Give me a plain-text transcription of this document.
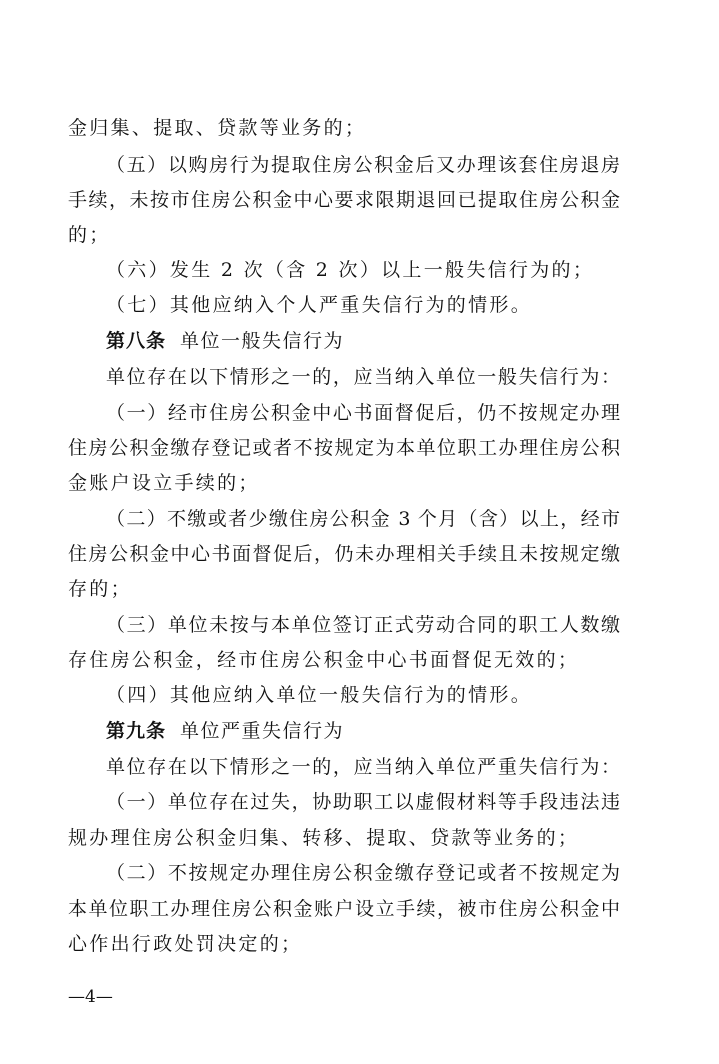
金归集、提取、贷款等业务的；
（五）以购房行为提取住房公积金后又办理该套住房退房
手续，未按市住房公积金中心要求限期退回已提取住房公积金
的；
（六）发生 2 次（含 2 次）以上一般失信行为的；
（七）其他应纳入个人严重失信行为的情形。
第八条 单位一般失信行为
单位存在以下情形之一的，应当纳入单位一般失信行为：
（一）经市住房公积金中心书面督促后，仍不按规定办理
住房公积金缴存登记或者不按规定为本单位职工办理住房公积
金账户设立手续的；
（二）不缴或者少缴住房公积金 3 个月（含）以上，经市
住房公积金中心书面督促后，仍未办理相关手续且未按规定缴
存的；
（三）单位未按与本单位签订正式劳动合同的职工人数缴
存住房公积金，经市住房公积金中心书面督促无效的；
（四）其他应纳入单位一般失信行为的情形。
第九条 单位严重失信行为
单位存在以下情形之一的，应当纳入单位严重失信行为：
（一）单位存在过失，协助职工以虚假材料等手段违法违
规办理住房公积金归集、转移、提取、贷款等业务的；
（二）不按规定办理住房公积金缴存登记或者不按规定为
本单位职工办理住房公积金账户设立手续，被市住房公积金中
心作出行政处罚决定的；
—4—
